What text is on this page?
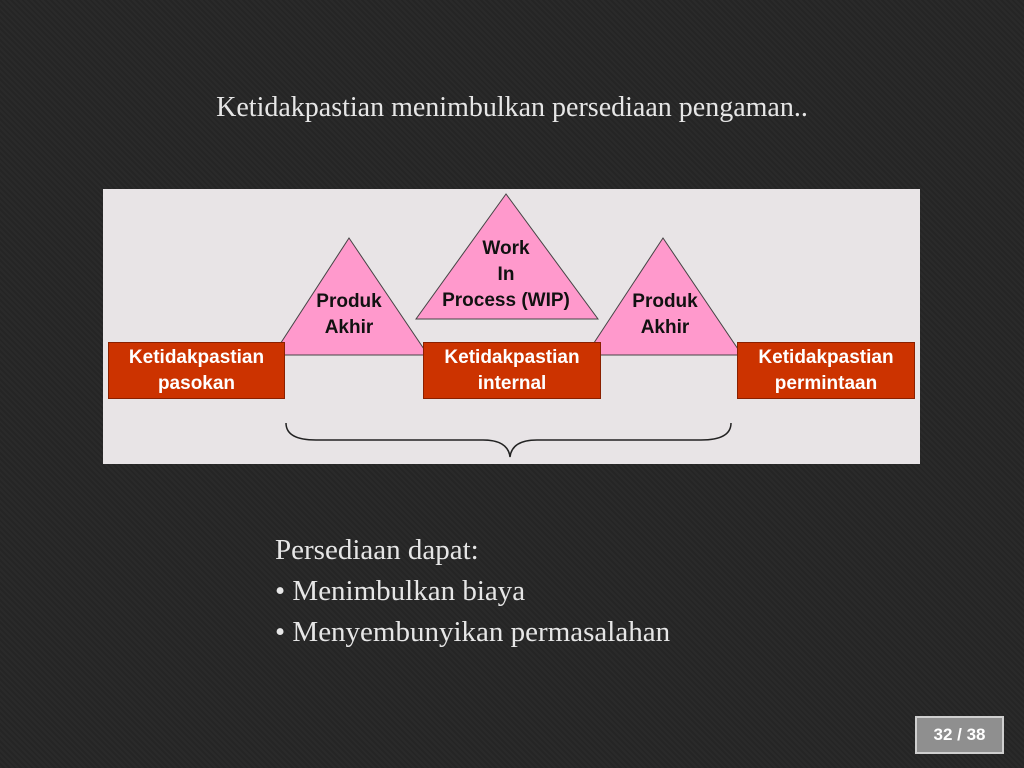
Ketidakpastian menimbulkan persediaan pengaman..
Ketidakpastian
pasokan
Ketidakpastian
internal
Ketidakpastian
permintaan
Produk
Akhir
Work
In
Process (WIP)	Produk
Akhir
Persediaan dapat:
• Menimbulkan biaya
• Menyembunyikan permasalahan
32 / 38
